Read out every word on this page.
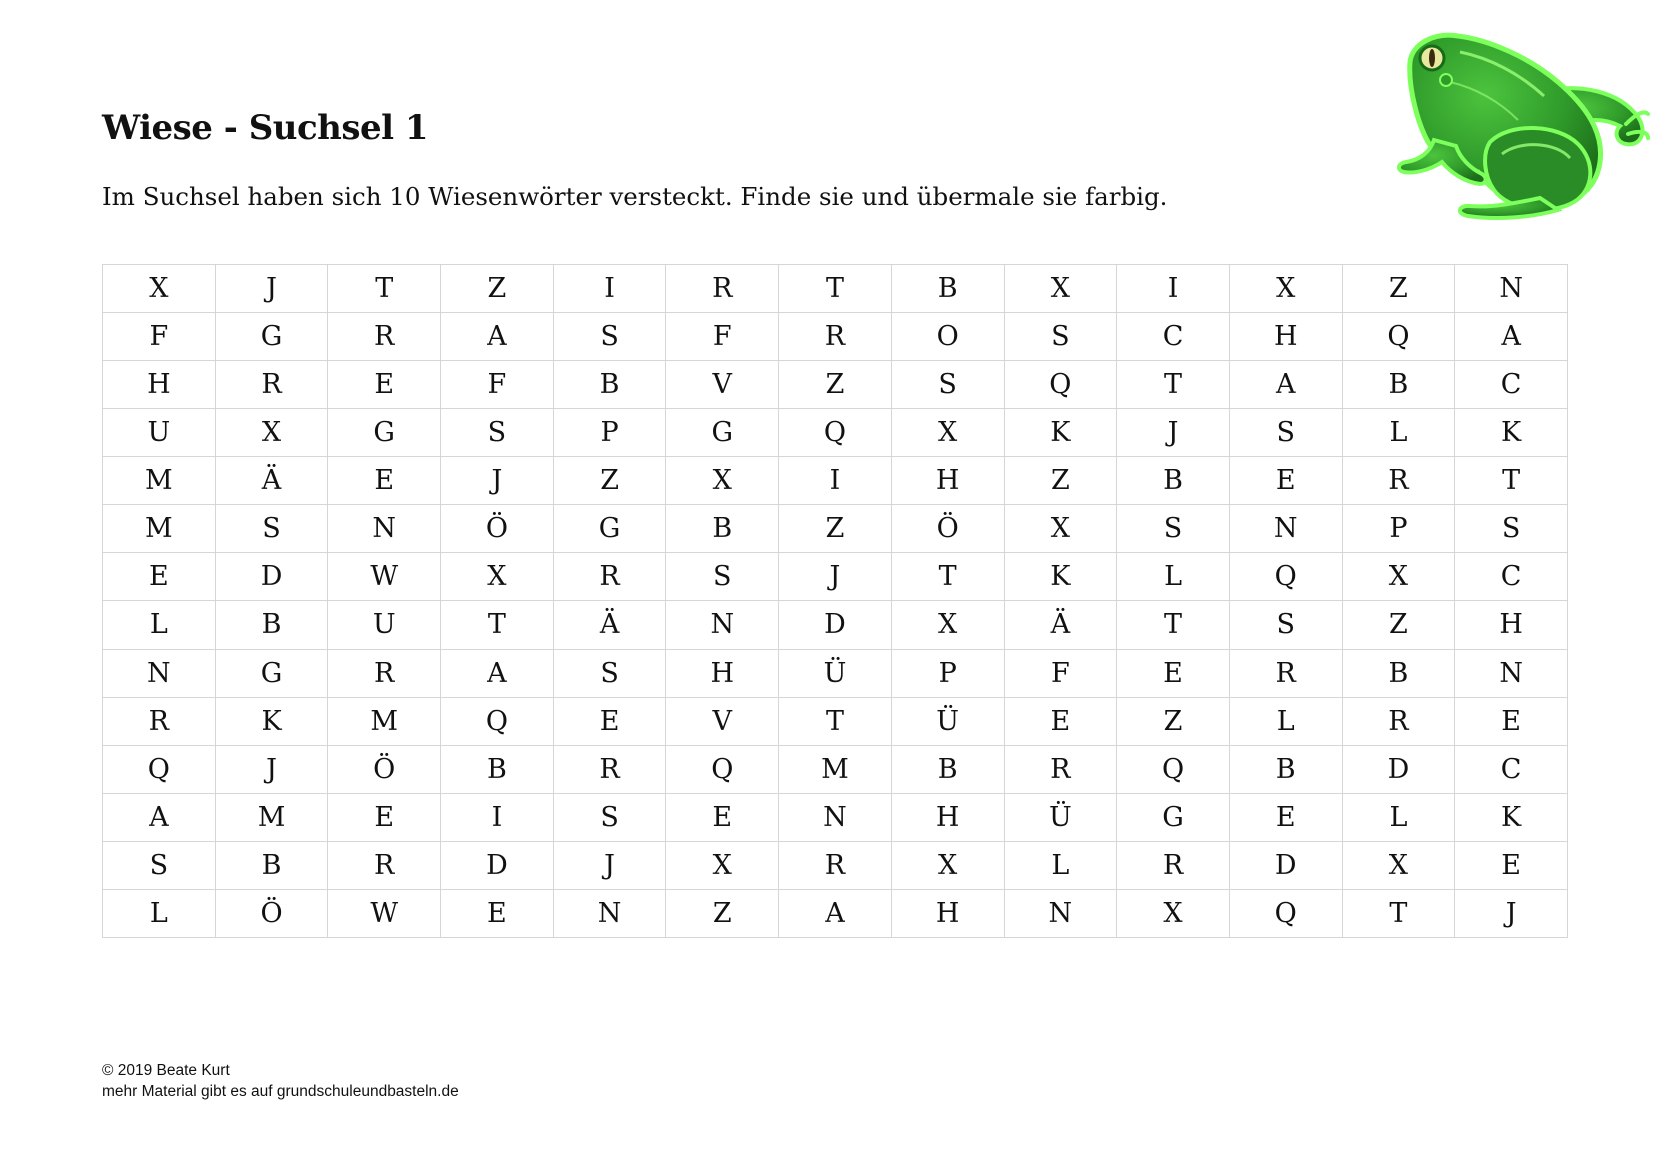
Wiese - Suchsel 1

Im Suchsel haben sich 10 Wiesenwörter versteckt. Finde sie und übermale sie farbig.

X	J	T	Z	I	R	T	B	X	I	X	Z	N
F	G	R	A	S	F	R	O	S	C	H	Q	A
H	R	E	F	B	V	Z	S	Q	T	A	B	C
U	X	G	S	P	G	Q	X	K	J	S	L	K
M	Ä	E	J	Z	X	I	H	Z	B	E	R	T
M	S	N	Ö	G	B	Z	Ö	X	S	N	P	S
E	D	W	X	R	S	J	T	K	L	Q	X	C
L	B	U	T	Ä	N	D	X	Ä	T	S	Z	H
N	G	R	A	S	H	Ü	P	F	E	R	B	N
R	K	M	Q	E	V	T	Ü	E	Z	L	R	E
Q	J	Ö	B	R	Q	M	B	R	Q	B	D	C
A	M	E	I	S	E	N	H	Ü	G	E	L	K
S	B	R	D	J	X	R	X	L	R	D	X	E
L	Ö	W	E	N	Z	A	H	N	X	Q	T	J
© 2019 Beate Kurt
mehr Material gibt es auf grundschuleundbasteln.de
